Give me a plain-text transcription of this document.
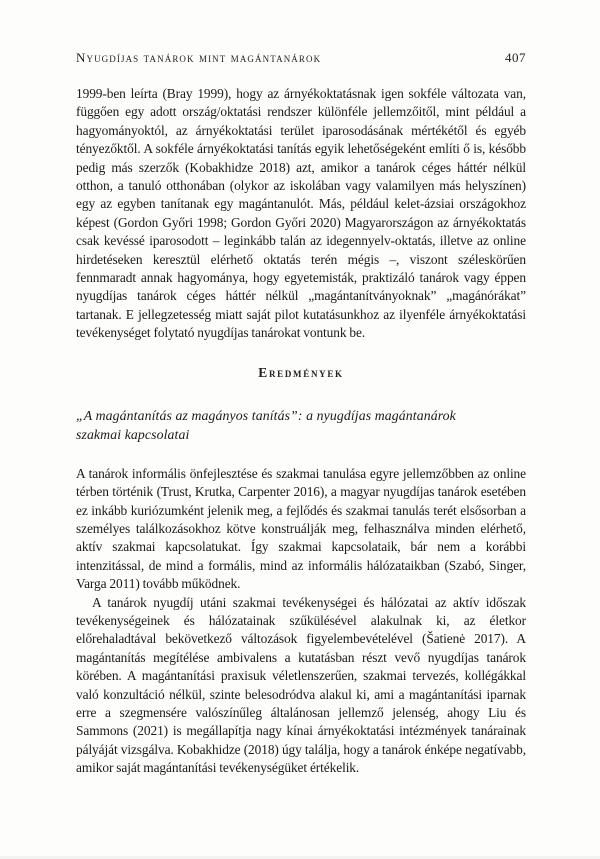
Nyugdíjas tanárok mint magántanárok	407

1999-ben leírta (Bray 1999), hogy az árnyékoktatásnak igen sokféle változata van, függően egy adott ország/oktatási rendszer különféle jellemzőitől, mint például a hagyományoktól, az árnyékoktatási terület iparosodásának mértékétől és egyéb tényezőktől. A sokféle árnyékoktatási tanítás egyik lehetőségeként említi ő is, később pedig más szerzők (Kobakhidze 2018) azt, amikor a tanárok céges háttér nélkül otthon, a tanuló otthonában (olykor az iskolában vagy valamilyen más helyszínen) egy az egyben tanítanak egy magántanulót. Más, például kelet-ázsiai országokhoz képest (Gordon Győri 1998; Gordon Győri 2020) Magyarországon az árnyékoktatás csak kevéssé iparosodott – leginkább talán az idegennyelv-oktatás, illetve az online hirdetéseken keresztül elérhető oktatás terén mégis –, viszont széleskörűen fennmaradt annak hagyománya, hogy egyetemisták, praktizáló tanárok vagy éppen nyugdíjas tanárok céges háttér nélkül „magántanítványoknak” „magánórákat” tartanak. E jellegzetesség miatt saját pilot kutatásunkhoz az ilyenféle árnyékoktatási tevékenységet folytató nyugdíjas tanárokat vontunk be.

Eredmények
„A magántanítás az magányos tanítás”: a nyugdíjas magántanárok
szakmai kapcsolatai

A tanárok informális önfejlesztése és szakmai tanulása egyre jellemzőbben az online térben történik (Trust, Krutka, Carpenter 2016), a magyar nyugdíjas tanárok esetében ez inkább kuriózumként jelenik meg, a fejlődés és szakmai tanulás terét elsősorban a személyes találkozásokhoz kötve konstruálják meg, felhasználva minden elérhető, aktív szakmai kapcsolatukat. Így szakmai kapcsolataik, bár nem a korábbi intenzitással, de mind a formális, mind az informális hálózataikban (Szabó, Singer, Varga 2011) tovább működnek.

A tanárok nyugdíj utáni szakmai tevékenységei és hálózatai az aktív időszak tevékenységeinek és hálózatainak szűkülésével alakulnak ki, az életkor előrehaladtával bekövetkező változások figyelembevételével (Šatienė 2017). A magántanítás megítélése ambivalens a kutatásban részt vevő nyugdíjas tanárok körében. A magántanítási praxisuk véletlenszerűen, szakmai tervezés, kollégákkal való konzultáció nélkül, szinte belesodródva alakul ki, ami a magántanítási iparnak erre a szegmensére valószínűleg általánosan jellemző jelenség, ahogy Liu és Sammons (2021) is megállapítja nagy kínai árnyékoktatási intézmények tanárainak pályáját vizsgálva. Kobakhidze (2018) úgy találja, hogy a tanárok énképe negatívabb, amikor saját magántanítási tevékenységüket értékelik.
